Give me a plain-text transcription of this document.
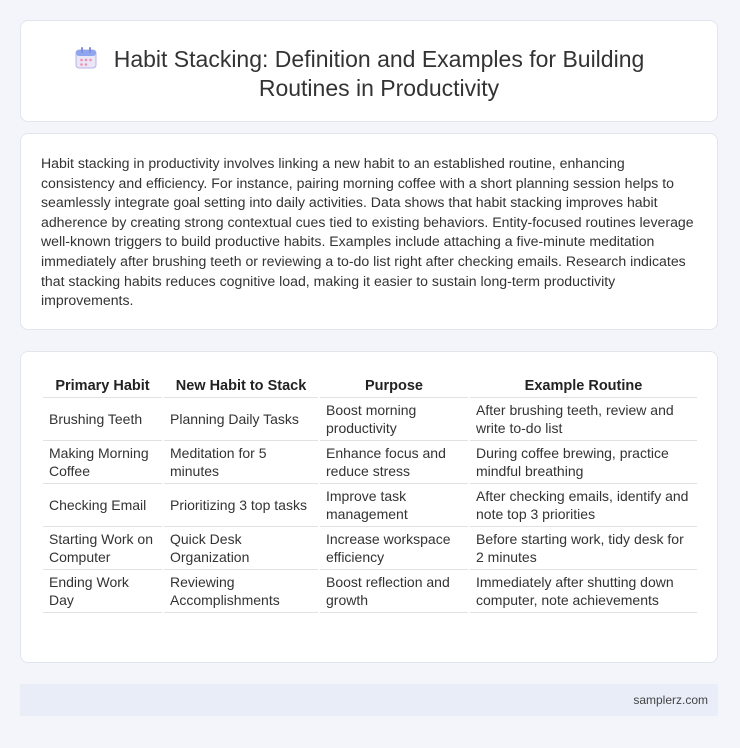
Habit Stacking: Definition and Examples for Building Routines in Productivity

Habit stacking in productivity involves linking a new habit to an established routine, enhancing consistency and efficiency. For instance, pairing morning coffee with a short planning session helps to seamlessly integrate goal setting into daily activities. Data shows that habit stacking improves habit adherence by creating strong contextual cues tied to existing behaviors. Entity-focused routines leverage well-known triggers to build productive habits. Examples include attaching a five-minute meditation immediately after brushing teeth or reviewing a to-do list right after checking emails. Research indicates that stacking habits reduces cognitive load, making it easier to sustain long-term productivity improvements.

Primary Habit	New Habit to Stack	Purpose	Example Routine
Brushing Teeth	Planning Daily Tasks	Boost morning productivity	After brushing teeth, review and write to-do list
Making Morning Coffee	Meditation for 5 minutes	Enhance focus and reduce stress	During coffee brewing, practice mindful breathing
Checking Email	Prioritizing 3 top tasks	Improve task management	After checking emails, identify and note top 3 priorities
Starting Work on Computer	Quick Desk Organization	Increase workspace efficiency	Before starting work, tidy desk for 2 minutes
Ending Work Day	Reviewing Accomplishments	Boost reflection and growth	Immediately after shutting down computer, note achievements
samplerz.com
